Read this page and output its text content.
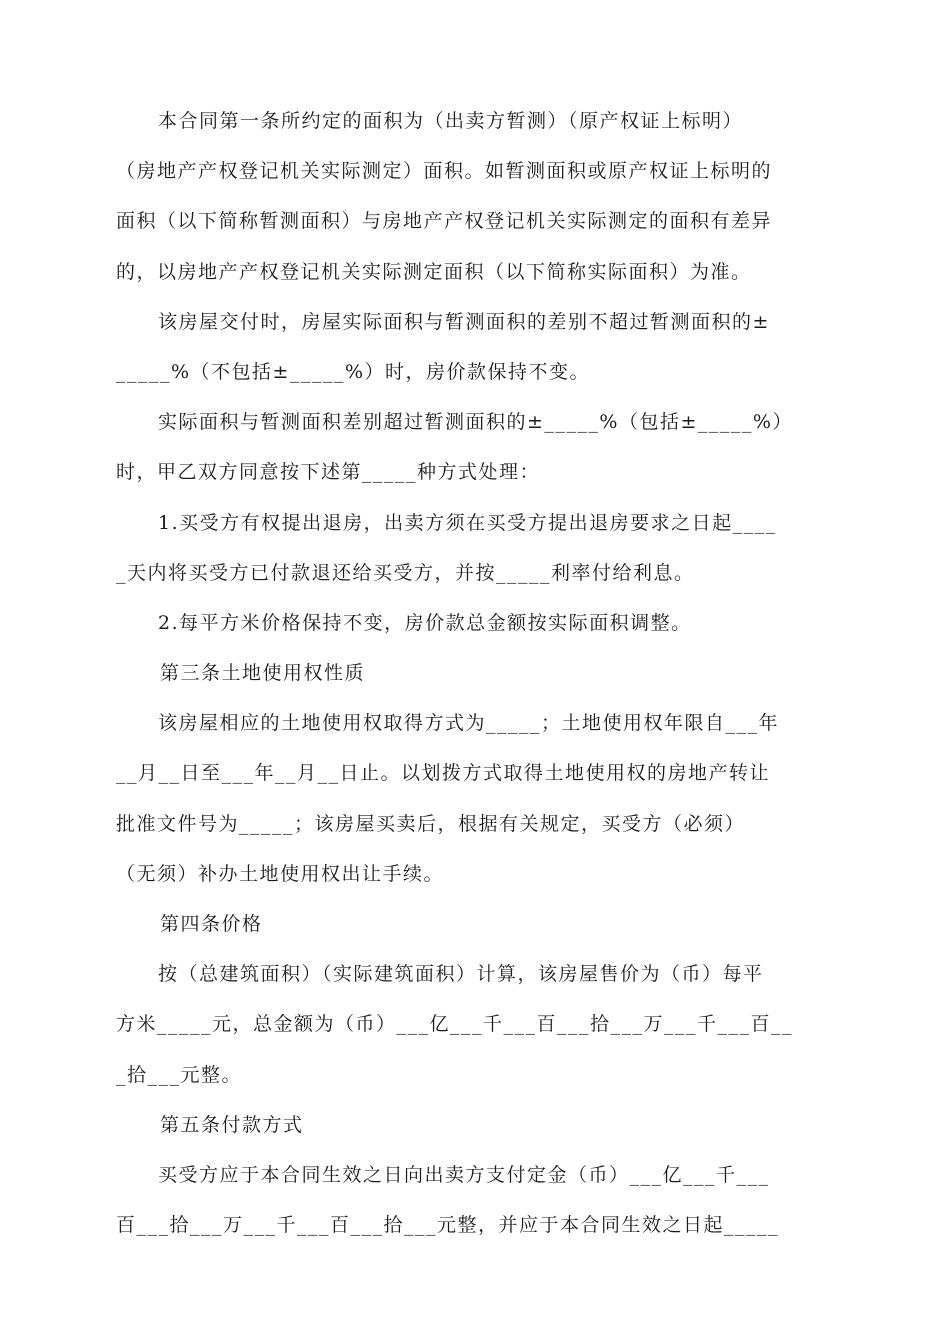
本合同第一条所约定的面积为（出卖方暂测）（原产权证上标明）
（房地产产权登记机关实际测定）面积。如暂测面积或原产权证上标明的
面积（以下简称暂测面积）与房地产产权登记机关实际测定的面积有差异
的，以房地产产权登记机关实际测定面积（以下简称实际面积）为准。
该房屋交付时，房屋实际面积与暂测面积的差别不超过暂测面积的±
_____%（不包括±_____%）时，房价款保持不变。
实际面积与暂测面积差别超过暂测面积的±_____%（包括±_____%）
时，甲乙双方同意按下述第_____种方式处理：
1.买受方有权提出退房，出卖方须在买受方提出退房要求之日起____
_天内将买受方已付款退还给买受方，并按_____利率付给利息。
2.每平方米价格保持不变，房价款总金额按实际面积调整。
第三条土地使用权性质
该房屋相应的土地使用权取得方式为_____；土地使用权年限自___年
__月__日至___年__月__日止。以划拨方式取得土地使用权的房地产转让
批准文件号为_____；该房屋买卖后，根据有关规定，买受方（必须）
（无须）补办土地使用权出让手续。
第四条价格
按（总建筑面积）（实际建筑面积）计算，该房屋售价为（币）每平
方米_____元，总金额为（币）___亿___千___百___拾___万___千___百__
_拾___元整。
第五条付款方式
买受方应于本合同生效之日向出卖方支付定金（币）___亿___千___
百___拾___万___千___百___拾___元整，并应于本合同生效之日起_____
